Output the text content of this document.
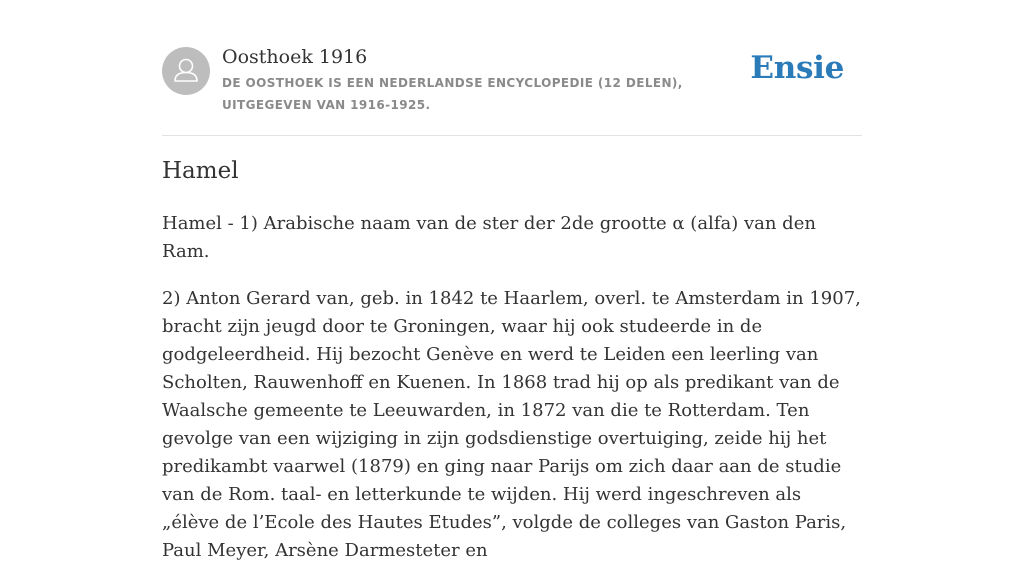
Oosthoek 1916
DE OOSTHOEK IS EEN NEDERLANDSE ENCYCLOPEDIE (12 DELEN), UITGEGEVEN VAN 1916-1925.
Ensie
Hamel

Hamel - 1) Arabische naam van de ster der 2de grootte α (alfa) van den Ram.

2) Anton Gerard van, geb. in 1842 te Haarlem, overl. te Amsterdam in 1907, bracht zijn jeugd door te Groningen, waar hij ook studeerde in de godgeleerdheid. Hij bezocht Genève en werd te Leiden een leerling van Scholten, Rauwenhoff en Kuenen. In 1868 trad hij op als predikant van de Waalsche gemeente te Leeuwarden, in 1872 van die te Rotterdam. Ten gevolge van een wijziging in zijn godsdienstige overtuiging, zeide hij het predikambt vaarwel (1879) en ging naar Parijs om zich daar aan de studie van de Rom. taal- en letterkunde te wijden. Hij werd ingeschreven als „élève de l’Ecole des Hautes Etudes”, volgde de colleges van Gaston Paris, Paul Meyer, Arsène Darmesteter en
